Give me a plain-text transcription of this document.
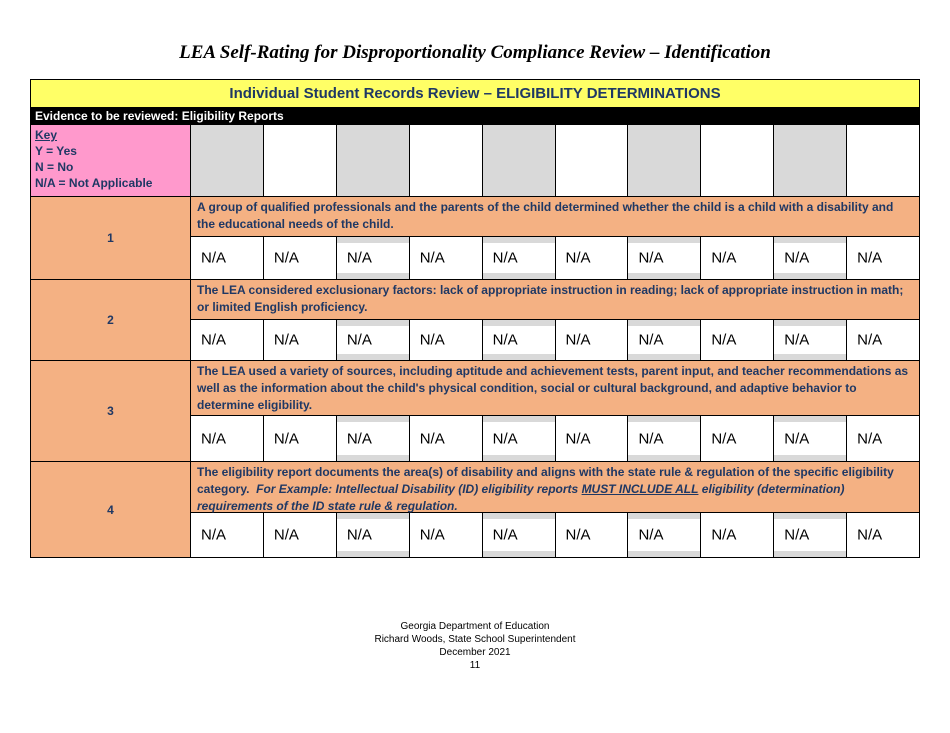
LEA Self-Rating for Disproportionality Compliance Review – Identification
Individual Student Records Review – ELIGIBILITY DETERMINATIONS
Evidence to be reviewed: Eligibility Reports
Key
Y = Yes
N = No
N/A = Not Applicable
1
A group of qualified professionals and the parents of the child determined whether the child is a child with a disability and the educational needs of the child.
N/A	N/A	N/A	N/A	N/A	N/A	N/A	N/A	N/A	N/A
2
The LEA considered exclusionary factors: lack of appropriate instruction in reading; lack of appropriate instruction in math; or limited English proficiency.
N/A	N/A	N/A	N/A	N/A	N/A	N/A	N/A	N/A	N/A
3
The LEA used a variety of sources, including aptitude and achievement tests, parent input, and teacher recommendations as well as the information about the child's physical condition, social or cultural background, and adaptive behavior to determine eligibility.
N/A	N/A	N/A	N/A	N/A	N/A	N/A	N/A	N/A	N/A
4
The eligibility report documents the area(s) of disability and aligns with the state rule & regulation of the specific eligibility category. For Example: Intellectual Disability (ID) eligibility reports MUST INCLUDE ALL eligibility (determination) requirements of the ID state rule & regulation.
N/A	N/A	N/A	N/A	N/A	N/A	N/A	N/A	N/A	N/A
Georgia Department of Education
Richard Woods, State School Superintendent
December 2021
11
